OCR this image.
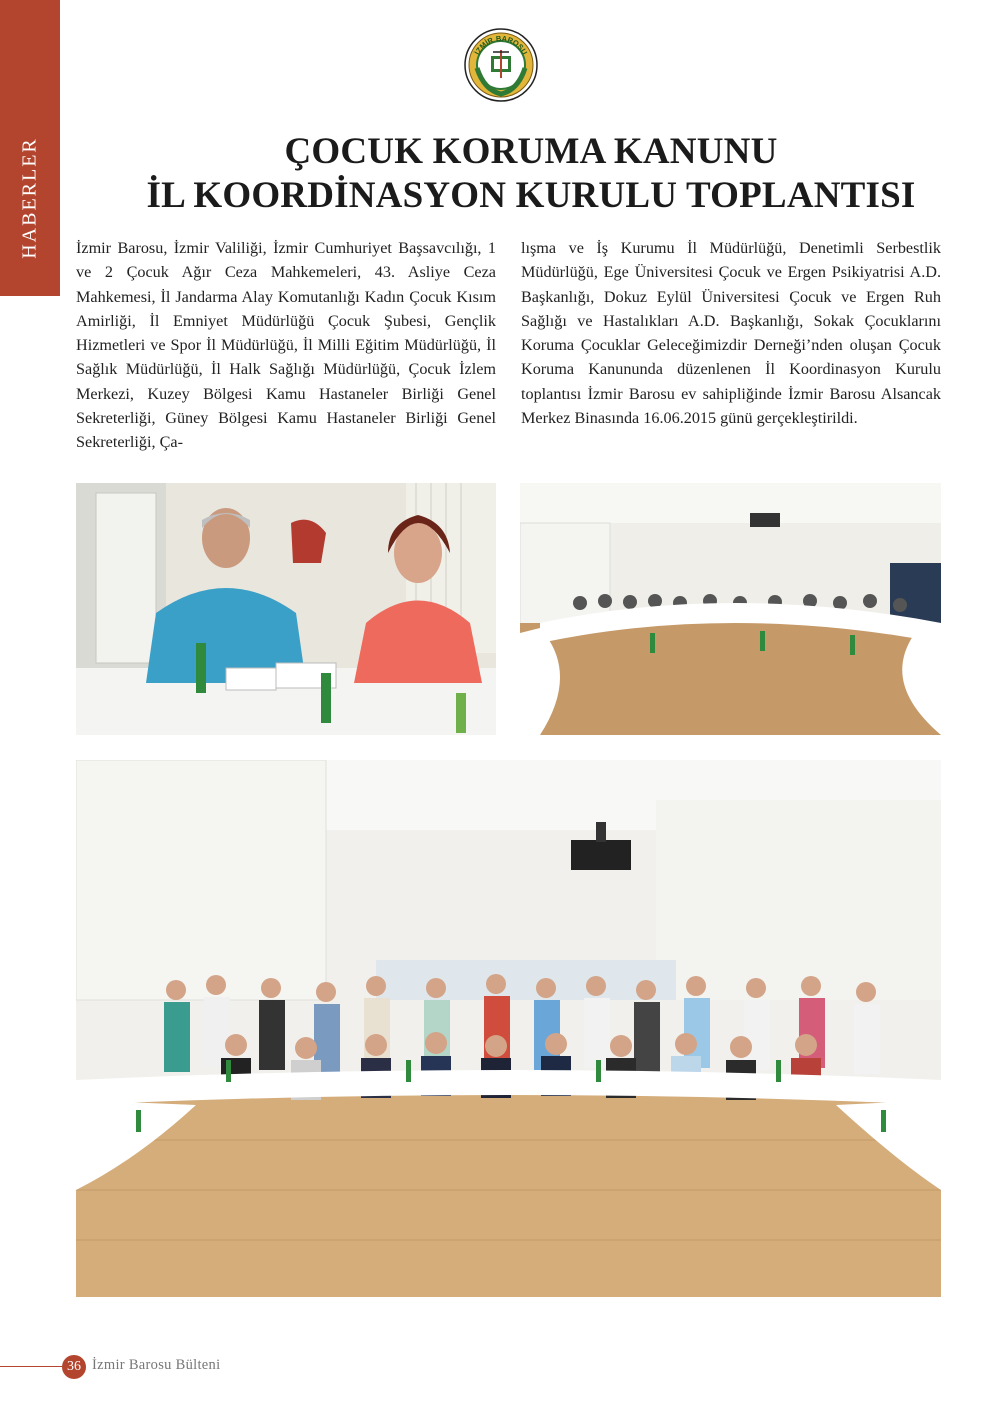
HABERLER
İZMİR BAROSU
ÇOCUK KORUMA KANUNU
İL KOORDİNASYON KURULU TOPLANTISI
İzmir Barosu, İzmir Valiliği, İzmir Cumhuriyet Başsavcılığı, 1 ve 2 Çocuk Ağır Ceza Mahkemeleri, 43. Asliye Ceza Mahkemesi, İl Jandarma Alay Komutanlığı Kadın Çocuk Kısım Amirliği, İl Emniyet Müdürlüğü Çocuk Şubesi, Gençlik Hizmetleri ve Spor İl Müdürlüğü, İl Milli Eğitim Müdürlüğü, İl Sağlık Müdürlüğü, İl Halk Sağlığı Müdürlüğü, Çocuk İzlem Merkezi, Kuzey Bölgesi Kamu Hastaneler Birliği Genel Sekreterliği, Güney Bölgesi Kamu Hastaneler Birliği Genel Sekreterliği, Ça-
lışma ve İş Kurumu İl Müdürlüğü, Denetimli Serbestlik Müdürlüğü, Ege Üniversitesi Çocuk ve Ergen Psikiyatrisi A.D. Başkanlığı, Dokuz Eylül Üniversitesi Çocuk ve Ergen Ruh Sağlığı ve Hastalıkları A.D. Başkanlığı, Sokak Çocuklarını Koruma Çocuklar Geleceğimizdir Derneği’nden oluşan Çocuk Koruma Kanununda düzenlenen İl Koordinasyon Kurulu toplantısı İzmir Barosu ev sahipliğinde İzmir Barosu Alsancak Merkez Binasında 16.06.2015 günü gerçekleştirildi.
36 İzmir Barosu Bülteni
